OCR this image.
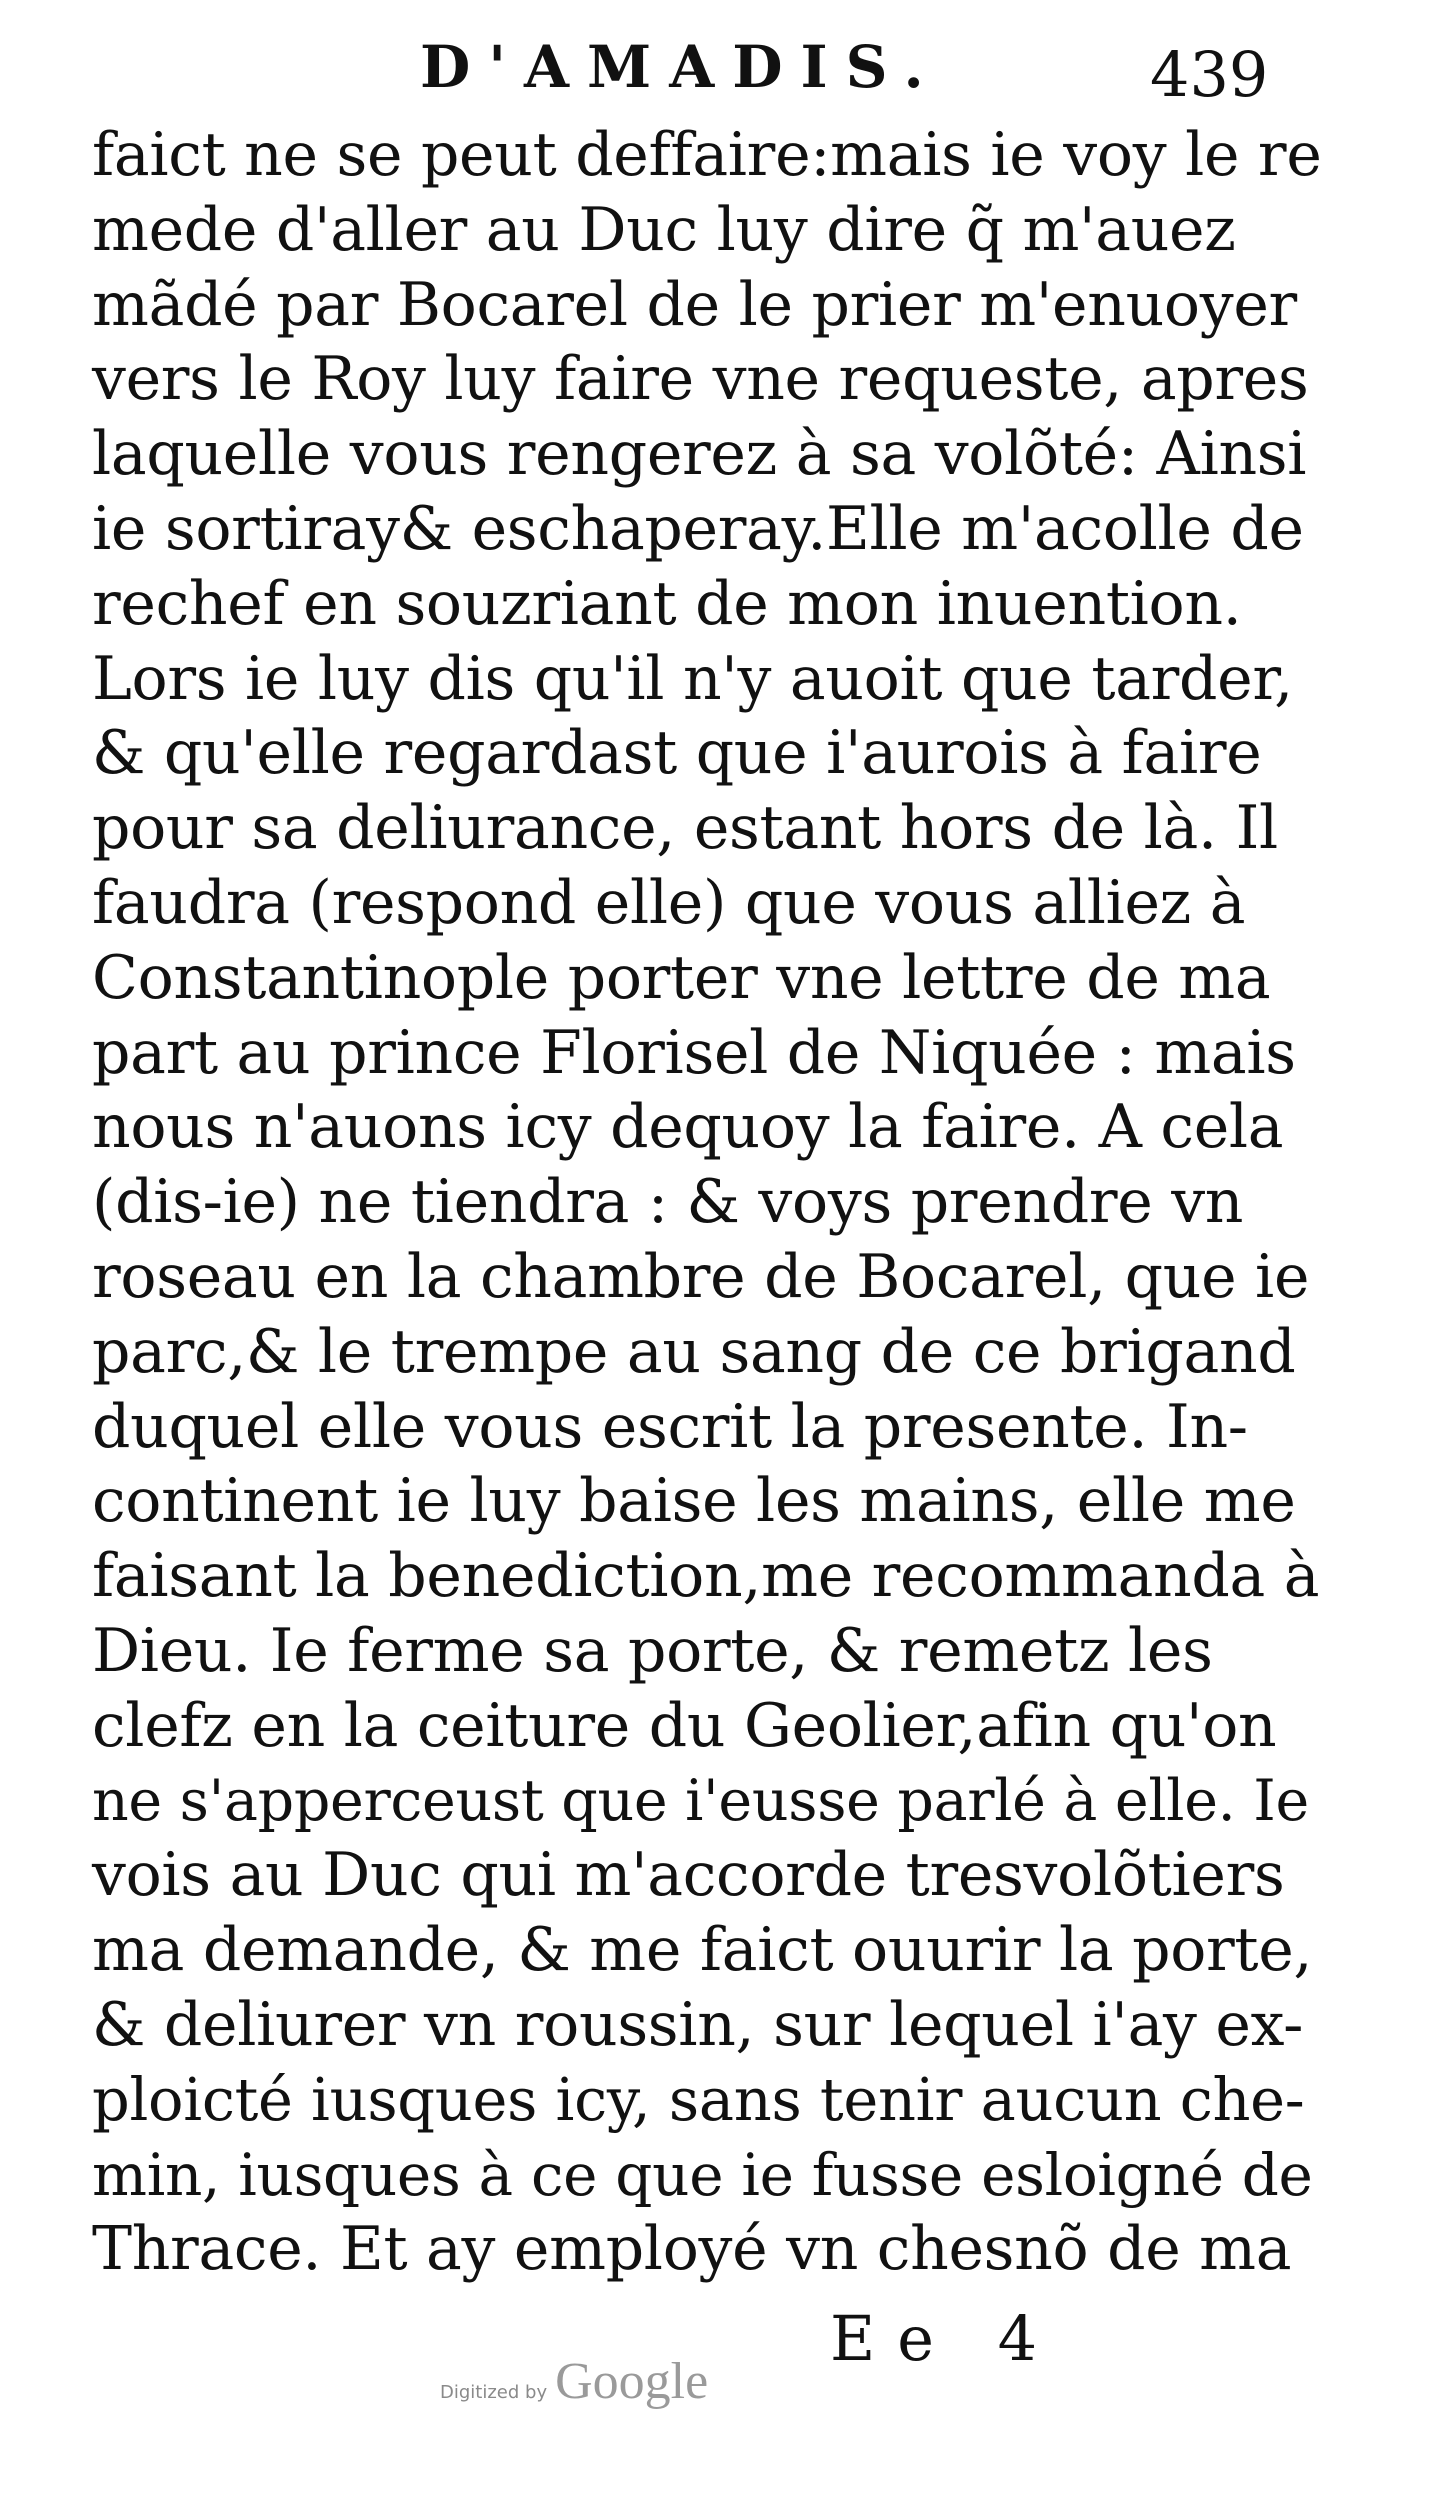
D'AMADIS.	439
faict ne se peut deffaire:mais ie voy le re
mede d'aller au Duc luy dire q̃ m'auez
mãdé par Bocarel de le prier m'enuoyer
vers le Roy luy faire vne requeste, apres
laquelle vous rengerez à sa volõté: Ainsi
ie sortiray& eschaperay.Elle m'acolle de
rechef en souzriant de mon inuention.
Lors ie luy dis qu'il n'y auoit que tarder,
& qu'elle regardast que i'aurois à faire
pour sa deliurance, estant hors de là. Il
faudra (respond elle) que vous alliez à
Constantinople porter vne lettre de ma
part au prince Florisel de Niquée : mais
nous n'auons icy dequoy la faire. A cela
(dis-ie) ne tiendra : & voys prendre vn
roseau en la chambre de Bocarel, que ie
parc,& le trempe au sang de ce brigand
duquel elle vous escrit la presente. In-
continent ie luy baise les mains, elle me
faisant la benediction,me recommanda à
Dieu. Ie ferme sa porte, & remetz les
clefz en la ceiture du Geolier,afin qu'on
ne s'apperceust que i'eusse parlé à elle. Ie
vois au Duc qui m'accorde tresvolõtiers
ma demande, & me faict ouurir la porte,
& deliurer vn roussin, sur lequel i'ay ex-
ploicté iusques icy, sans tenir aucun che-
min, iusques à ce que ie fusse esloigné de
Thrace. Et ay employé vn chesnõ de ma
Ee 4
Digitized by Google
